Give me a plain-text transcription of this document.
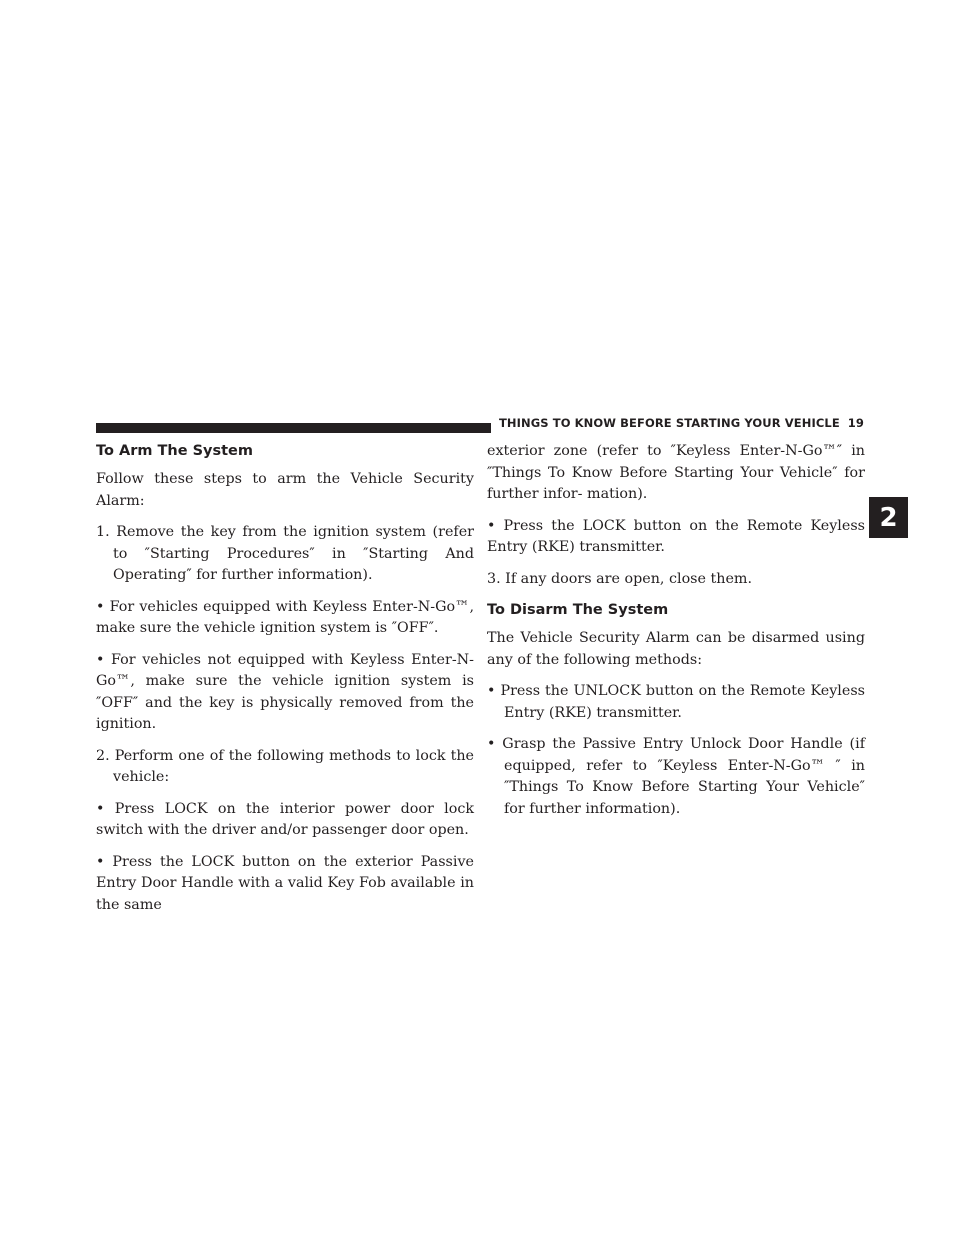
THINGS TO KNOW BEFORE STARTING YOUR VEHICLE 19
2
To Arm The System

Follow these steps to arm the Vehicle Security Alarm:

1. Remove the key from the ignition system (refer to ″Starting Procedures″ in ″Starting And Operating″ for further information).

• For vehicles equipped with Keyless Enter-N-Go™, make sure the vehicle ignition system is ″OFF″.

• For vehicles not equipped with Keyless Enter-N-Go™, make sure the vehicle ignition system is ″OFF″ and the key is physically removed from the ignition.

2. Perform one of the following methods to lock the vehicle:

• Press LOCK on the interior power door lock switch with the driver and/or passenger door open.

• Press the LOCK button on the exterior Passive Entry Door Handle with a valid Key Fob available in the same

exterior zone (refer to ″Keyless Enter-N-Go™″ in ″Things To Know Before Starting Your Vehicle″ for further infor- mation).

• Press the LOCK button on the Remote Keyless Entry (RKE) transmitter.

3. If any doors are open, close them.

To Disarm The System

The Vehicle Security Alarm can be disarmed using any of the following methods:

• Press the UNLOCK button on the Remote Keyless Entry (RKE) transmitter.

• Grasp the Passive Entry Unlock Door Handle (if equipped, refer to ″Keyless Enter-N-Go™ ″ in ″Things To Know Before Starting Your Vehicle″ for further information).
